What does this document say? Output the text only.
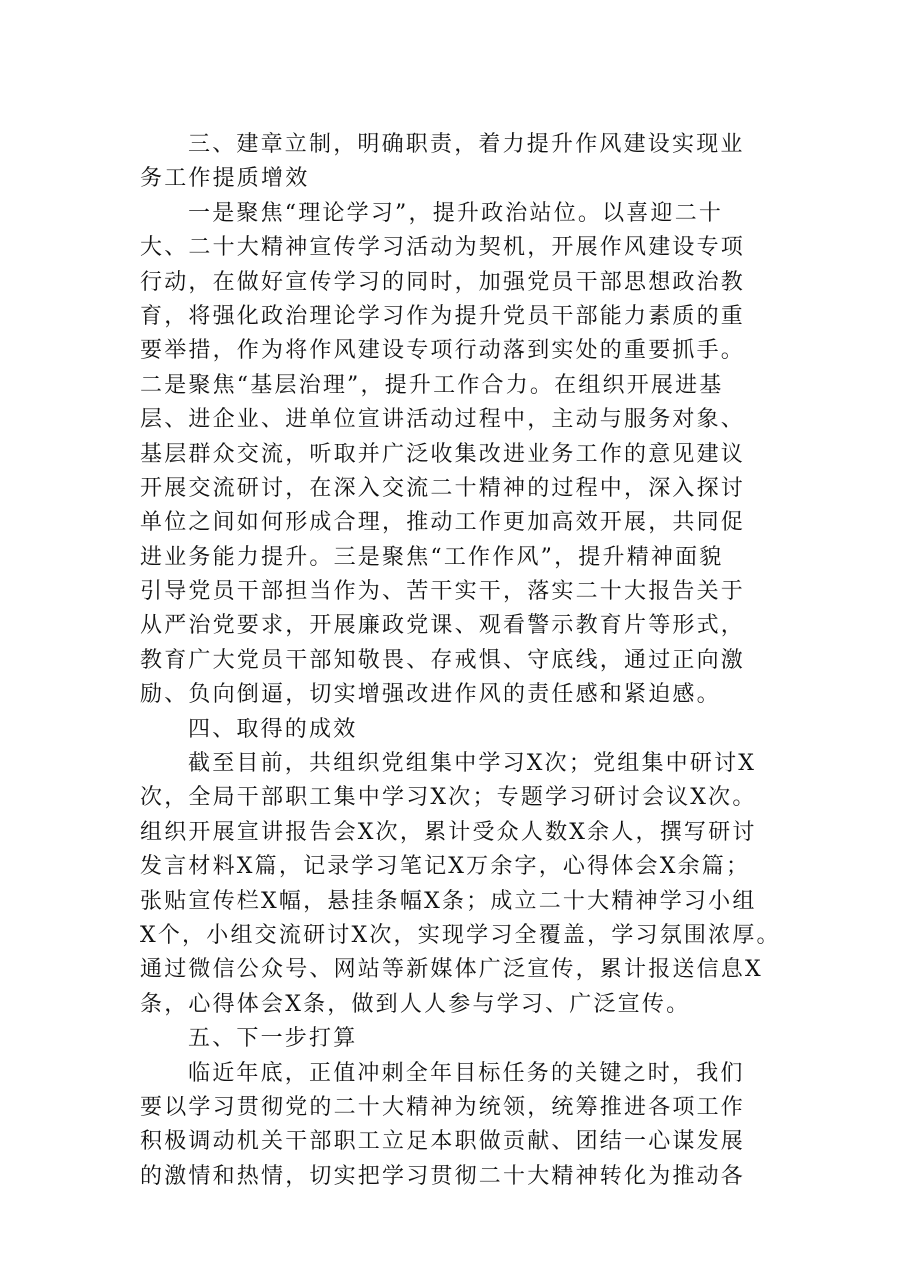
三、建章立制，明确职责，着力提升作风建设实现业
务工作提质增效
一是聚焦“理论学习”，提升政治站位。以喜迎二十
大、二十大精神宣传学习活动为契机，开展作风建设专项
行动，在做好宣传学习的同时，加强党员干部思想政治教
育，将强化政治理论学习作为提升党员干部能力素质的重
要举措，作为将作风建设专项行动落到实处的重要抓手。
二是聚焦“基层治理”，提升工作合力。在组织开展进基
层、进企业、进单位宣讲活动过程中，主动与服务对象、
基层群众交流，听取并广泛收集改进业务工作的意见建议
开展交流研讨，在深入交流二十精神的过程中，深入探讨
单位之间如何形成合理，推动工作更加高效开展，共同促
进业务能力提升。三是聚焦“工作作风”，提升精神面貌
引导党员干部担当作为、苦干实干，落实二十大报告关于
从严治党要求，开展廉政党课、观看警示教育片等形式，
教育广大党员干部知敬畏、存戒惧、守底线，通过正向激
励、负向倒逼，切实增强改进作风的责任感和紧迫感。
四、取得的成效
截至目前，共组织党组集中学习X次；党组集中研讨X
次，全局干部职工集中学习X次；专题学习研讨会议X次。
组织开展宣讲报告会X次，累计受众人数X余人，撰写研讨
发言材料X篇，记录学习笔记X万余字，心得体会X余篇；
张贴宣传栏X幅，悬挂条幅X条；成立二十大精神学习小组
X个，小组交流研讨X次，实现学习全覆盖，学习氛围浓厚。
通过微信公众号、网站等新媒体广泛宣传，累计报送信息X
条，心得体会X条，做到人人参与学习、广泛宣传。
五、下一步打算
临近年底，正值冲刺全年目标任务的关键之时，我们
要以学习贯彻党的二十大精神为统领，统筹推进各项工作
积极调动机关干部职工立足本职做贡献、团结一心谋发展
的激情和热情，切实把学习贯彻二十大精神转化为推动各
